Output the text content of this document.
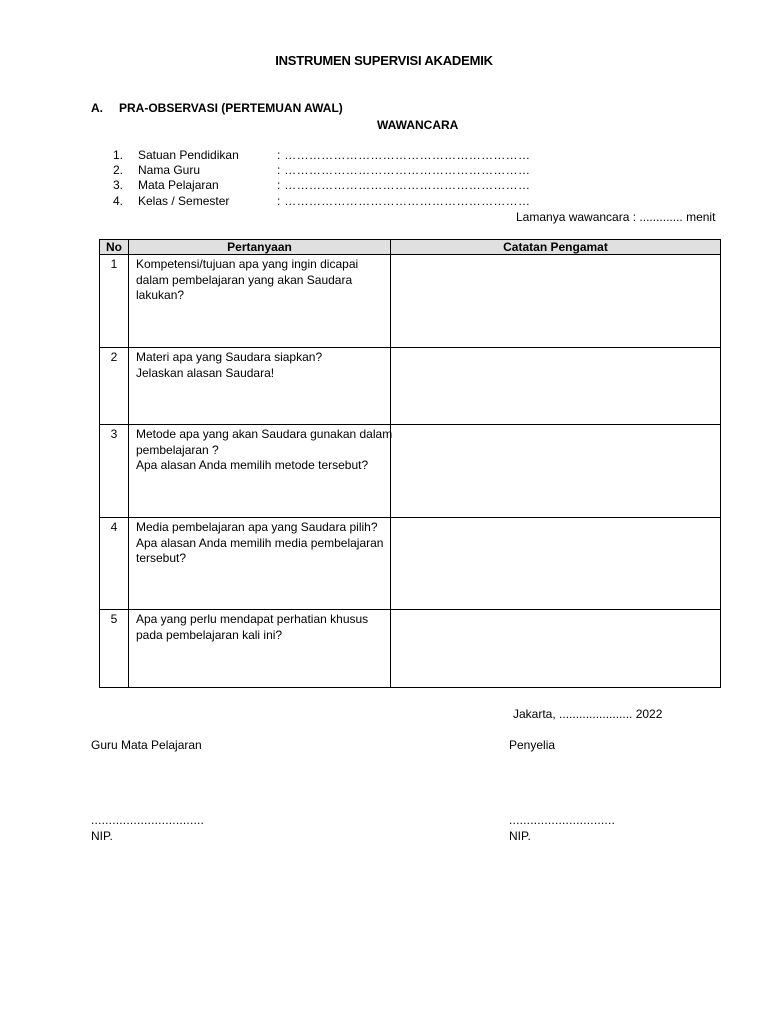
INSTRUMEN SUPERVISI AKADEMIK
A. PRA-OBSERVASI (PERTEMUAN AWAL)
WAWANCARA
1. Satuan Pendidikan	: ……………………………………………………
2. Nama Guru	: ……………………………………………………
3. Mata Pelajaran	: ……………………………………………………
4. Kelas / Semester	: ……………………………………………………
Lamanya wawancara : ............. menit
No	Pertanyaan	Catatan Pengamat
1	Kompetensi/tujuan apa yang ingin dicapai
dalam pembelajaran yang akan Saudara
lakukan?	

2	Materi apa yang Saudara siapkan?
Jelaskan alasan Saudara!	

3	Metode apa yang akan Saudara gunakan dalam
pembelajaran ?
Apa alasan Anda memilih metode tersebut?	

4	Media pembelajaran apa yang Saudara pilih?
Apa alasan Anda memilih media pembelajaran
tersebut?	

5	Apa yang perlu mendapat perhatian khusus
pada pembelajaran kali ini?	

Jakarta, ...................... 2022
Guru Mata Pelajaran	Penyelia
................................	..............................
NIP.	NIP.
